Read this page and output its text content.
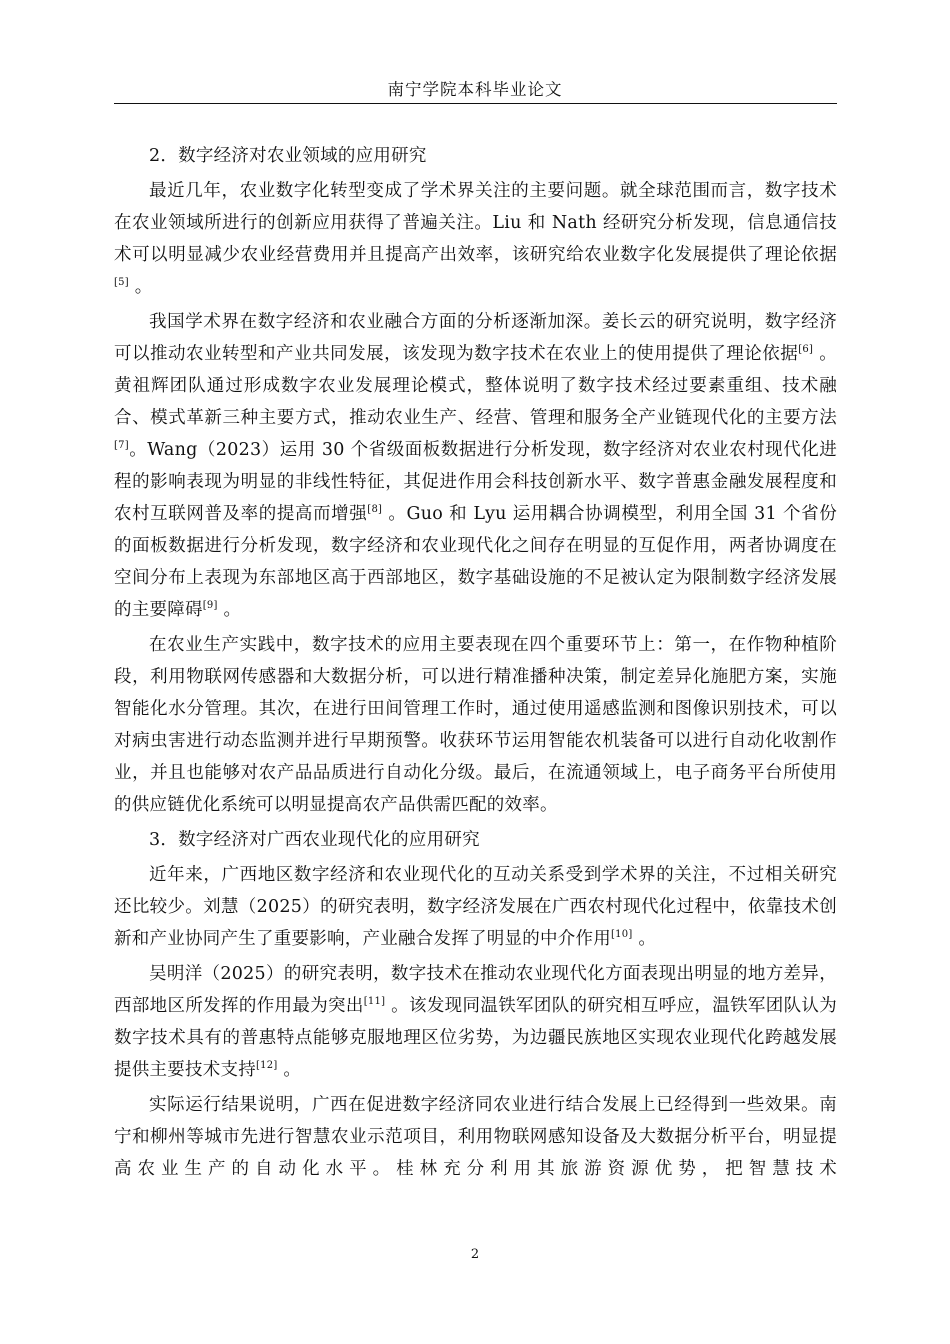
南宁学院本科毕业论文

2．数字经济对农业领域的应用研究

最近几年，农业数字化转型变成了学术界关注的主要问题。就全球范围而言，数字技术在农业领域所进行的创新应用获得了普遍关注。Liu 和 Nath 经研究分析发现，信息通信技术可以明显减少农业经营费用并且提高产出效率，该研究给农业数字化发展提供了理论依据[5] 。

我国学术界在数字经济和农业融合方面的分析逐渐加深。姜长云的研究说明，数字经济可以推动农业转型和产业共同发展，该发现为数字技术在农业上的使用提供了理论依据[6] 。黄祖辉团队通过形成数字农业发展理论模式，整体说明了数字技术经过要素重组、技术融合、模式革新三种主要方式，推动农业生产、经营、管理和服务全产业链现代化的主要方法[7]。Wang（2023）运用 30 个省级面板数据进行分析发现，数字经济对农业农村现代化进程的影响表现为明显的非线性特征，其促进作用会科技创新水平、数字普惠金融发展程度和农村互联网普及率的提高而增强[8] 。Guo 和 Lyu 运用耦合协调模型，利用全国 31 个省份的面板数据进行分析发现，数字经济和农业现代化之间存在明显的互促作用，两者协调度在空间分布上表现为东部地区高于西部地区，数字基础设施的不足被认定为限制数字经济发展的主要障碍[9] 。

在农业生产实践中，数字技术的应用主要表现在四个重要环节上：第一，在作物种植阶段，利用物联网传感器和大数据分析，可以进行精准播种决策，制定差异化施肥方案，实施智能化水分管理。其次，在进行田间管理工作时，通过使用遥感监测和图像识别技术，可以对病虫害进行动态监测并进行早期预警。收获环节运用智能农机装备可以进行自动化收割作业，并且也能够对农产品品质进行自动化分级。最后，在流通领域上，电子商务平台所使用的供应链优化系统可以明显提高农产品供需匹配的效率。

3．数字经济对广西农业现代化的应用研究

近年来，广西地区数字经济和农业现代化的互动关系受到学术界的关注，不过相关研究还比较少。刘慧（2025）的研究表明，数字经济发展在广西农村现代化过程中，依靠技术创新和产业协同产生了重要影响，产业融合发挥了明显的中介作用[10] 。

吴明洋（2025）的研究表明，数字技术在推动农业现代化方面表现出明显的地方差异，西部地区所发挥的作用最为突出[11] 。该发现同温铁军团队的研究相互呼应，温铁军团队认为数字技术具有的普惠特点能够克服地理区位劣势，为边疆民族地区实现农业现代化跨越发展提供主要技术支持[12] 。

实际运行结果说明，广西在促进数字经济同农业进行结合发展上已经得到一些效果。南宁和柳州等城市先进行智慧农业示范项目，利用物联网感知设备及大数据分析平台，明显提高农业生产的自动化水平。桂林充分利用其旅游资源优势，把智慧技术

2
